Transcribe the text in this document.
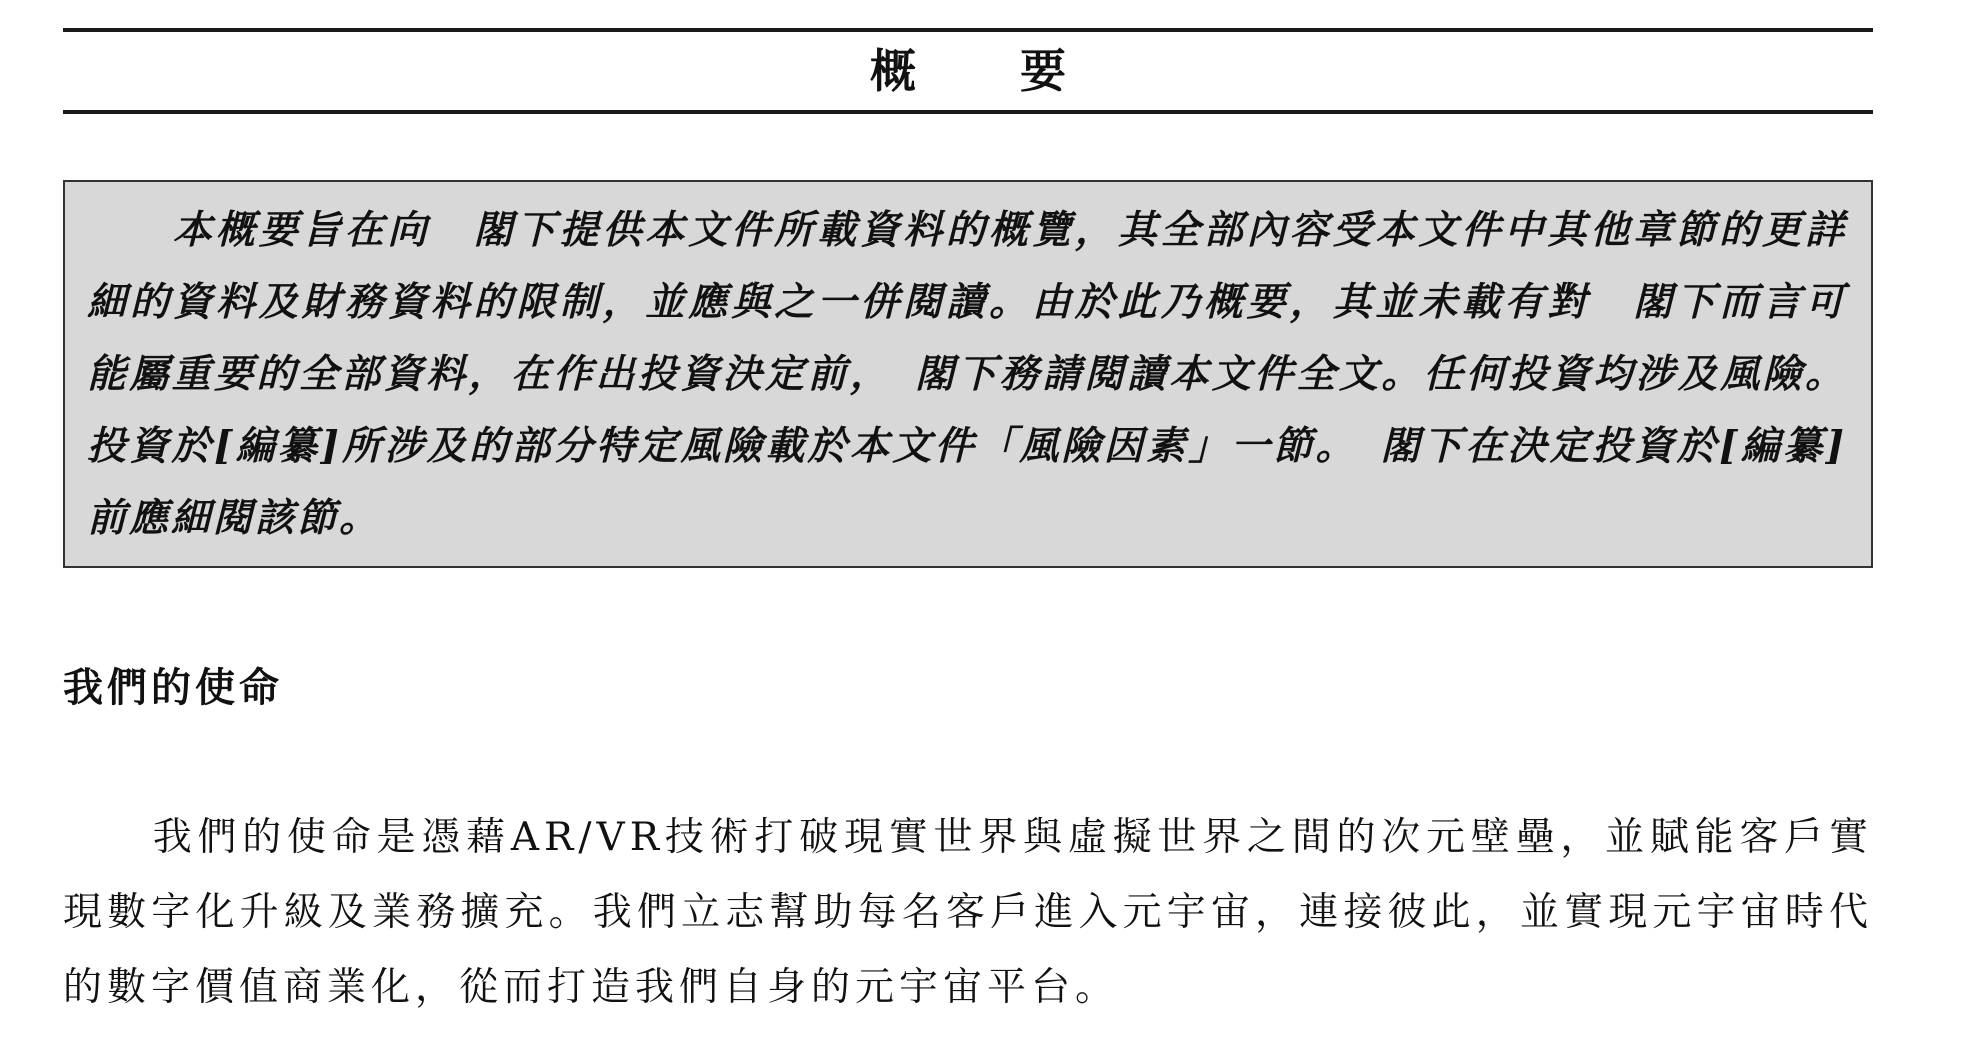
概 要

本概要旨在向　閣下提供本文件所載資料的概覽，其全部內容受本文件中其他章節的更詳細的資料及財務資料的限制，並應與之一併閱讀。由於此乃概要，其並未載有對　閣下而言可能屬重要的全部資料，在作出投資決定前，　閣下務請閱讀本文件全文。任何投資均涉及風險。投資於[編纂]所涉及的部分特定風險載於本文件「風險因素」一節。　閣下在決定投資於[編纂]前應細閱該節。

我們的使命

我們的使命是憑藉AR/VR技術打破現實世界與虛擬世界之間的次元壁壘，並賦能客戶實現數字化升級及業務擴充。我們立志幫助每名客戶進入元宇宙，連接彼此，並實現元宇宙時代的數字價值商業化，從而打造我們自身的元宇宙平台。
